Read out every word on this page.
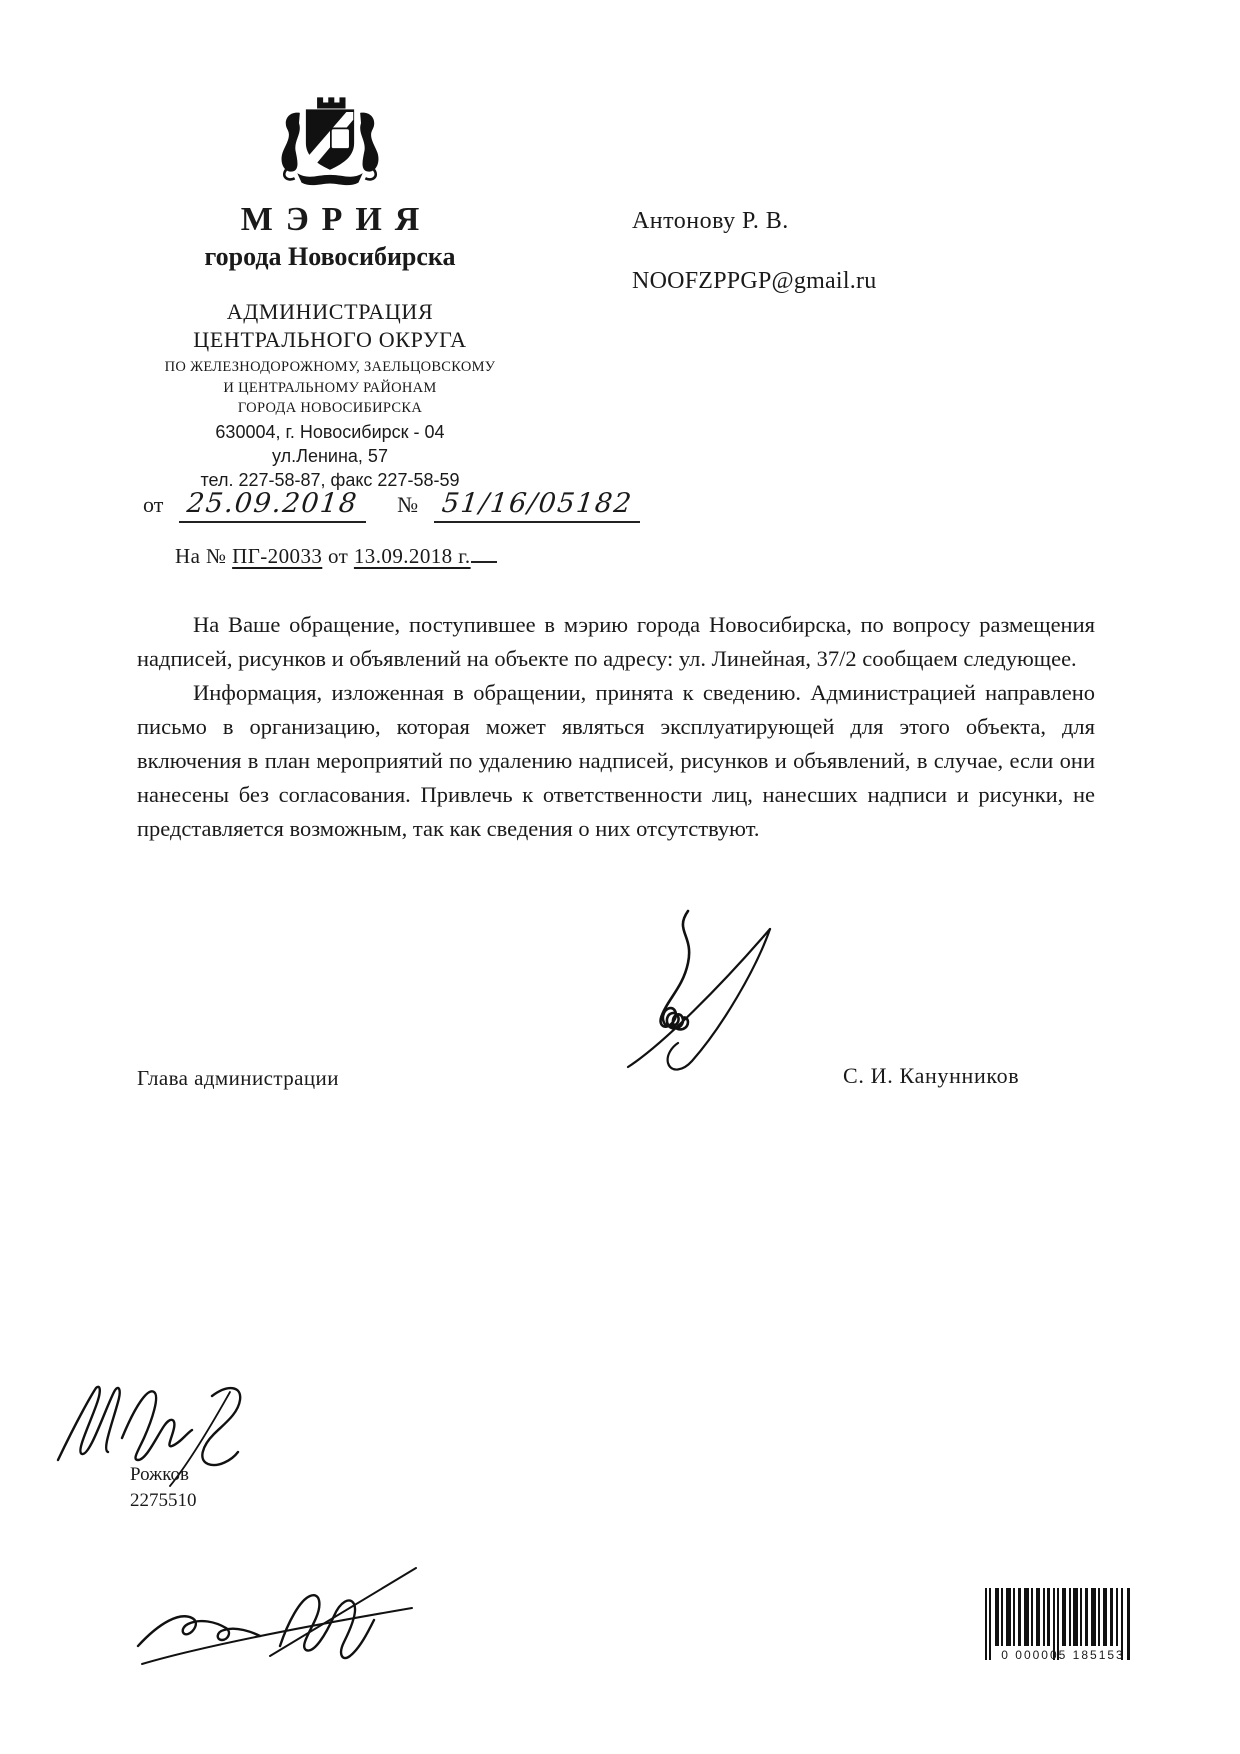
МЭРИЯ
города Новосибирска
АДМИНИСТРАЦИЯ
ЦЕНТРАЛЬНОГО ОКРУГА
ПО ЖЕЛЕЗНОДОРОЖНОМУ, ЗАЕЛЬЦОВСКОМУ
И ЦЕНТРАЛЬНОМУ РАЙОНАМ
ГОРОДА НОВОСИБИРСКА
630004, г. Новосибирск - 04
ул.Ленина, 57
тел. 227-58-87, факс 227-58-59
Антонову Р. В.
NOOFZPPGP@gmail.ru
от 25.09.2018 № 51/16/05182
На № ПГ-20033 от 13.09.2018 г.

На Ваше обращение, поступившее в мэрию города Новосибирска, по вопросу размещения надписей, рисунков и объявлений на объекте по адресу: ул. Линейная, 37/2 сообщаем следующее.

Информация, изложенная в обращении, принята к сведению. Администрацией направлено письмо в организацию, которая может являться эксплуатирующей для этого объекта, для включения в план мероприятий по удалению надписей, рисунков и объявлений, в случае, если они нанесены без согласования. Привлечь к ответственности лиц, нанесших надписи и рисунки, не представляется возможным, так как сведения о них отсутствуют.

Глава администрации	С. И. Канунников
Рожков
2275510
0 000005 185153
